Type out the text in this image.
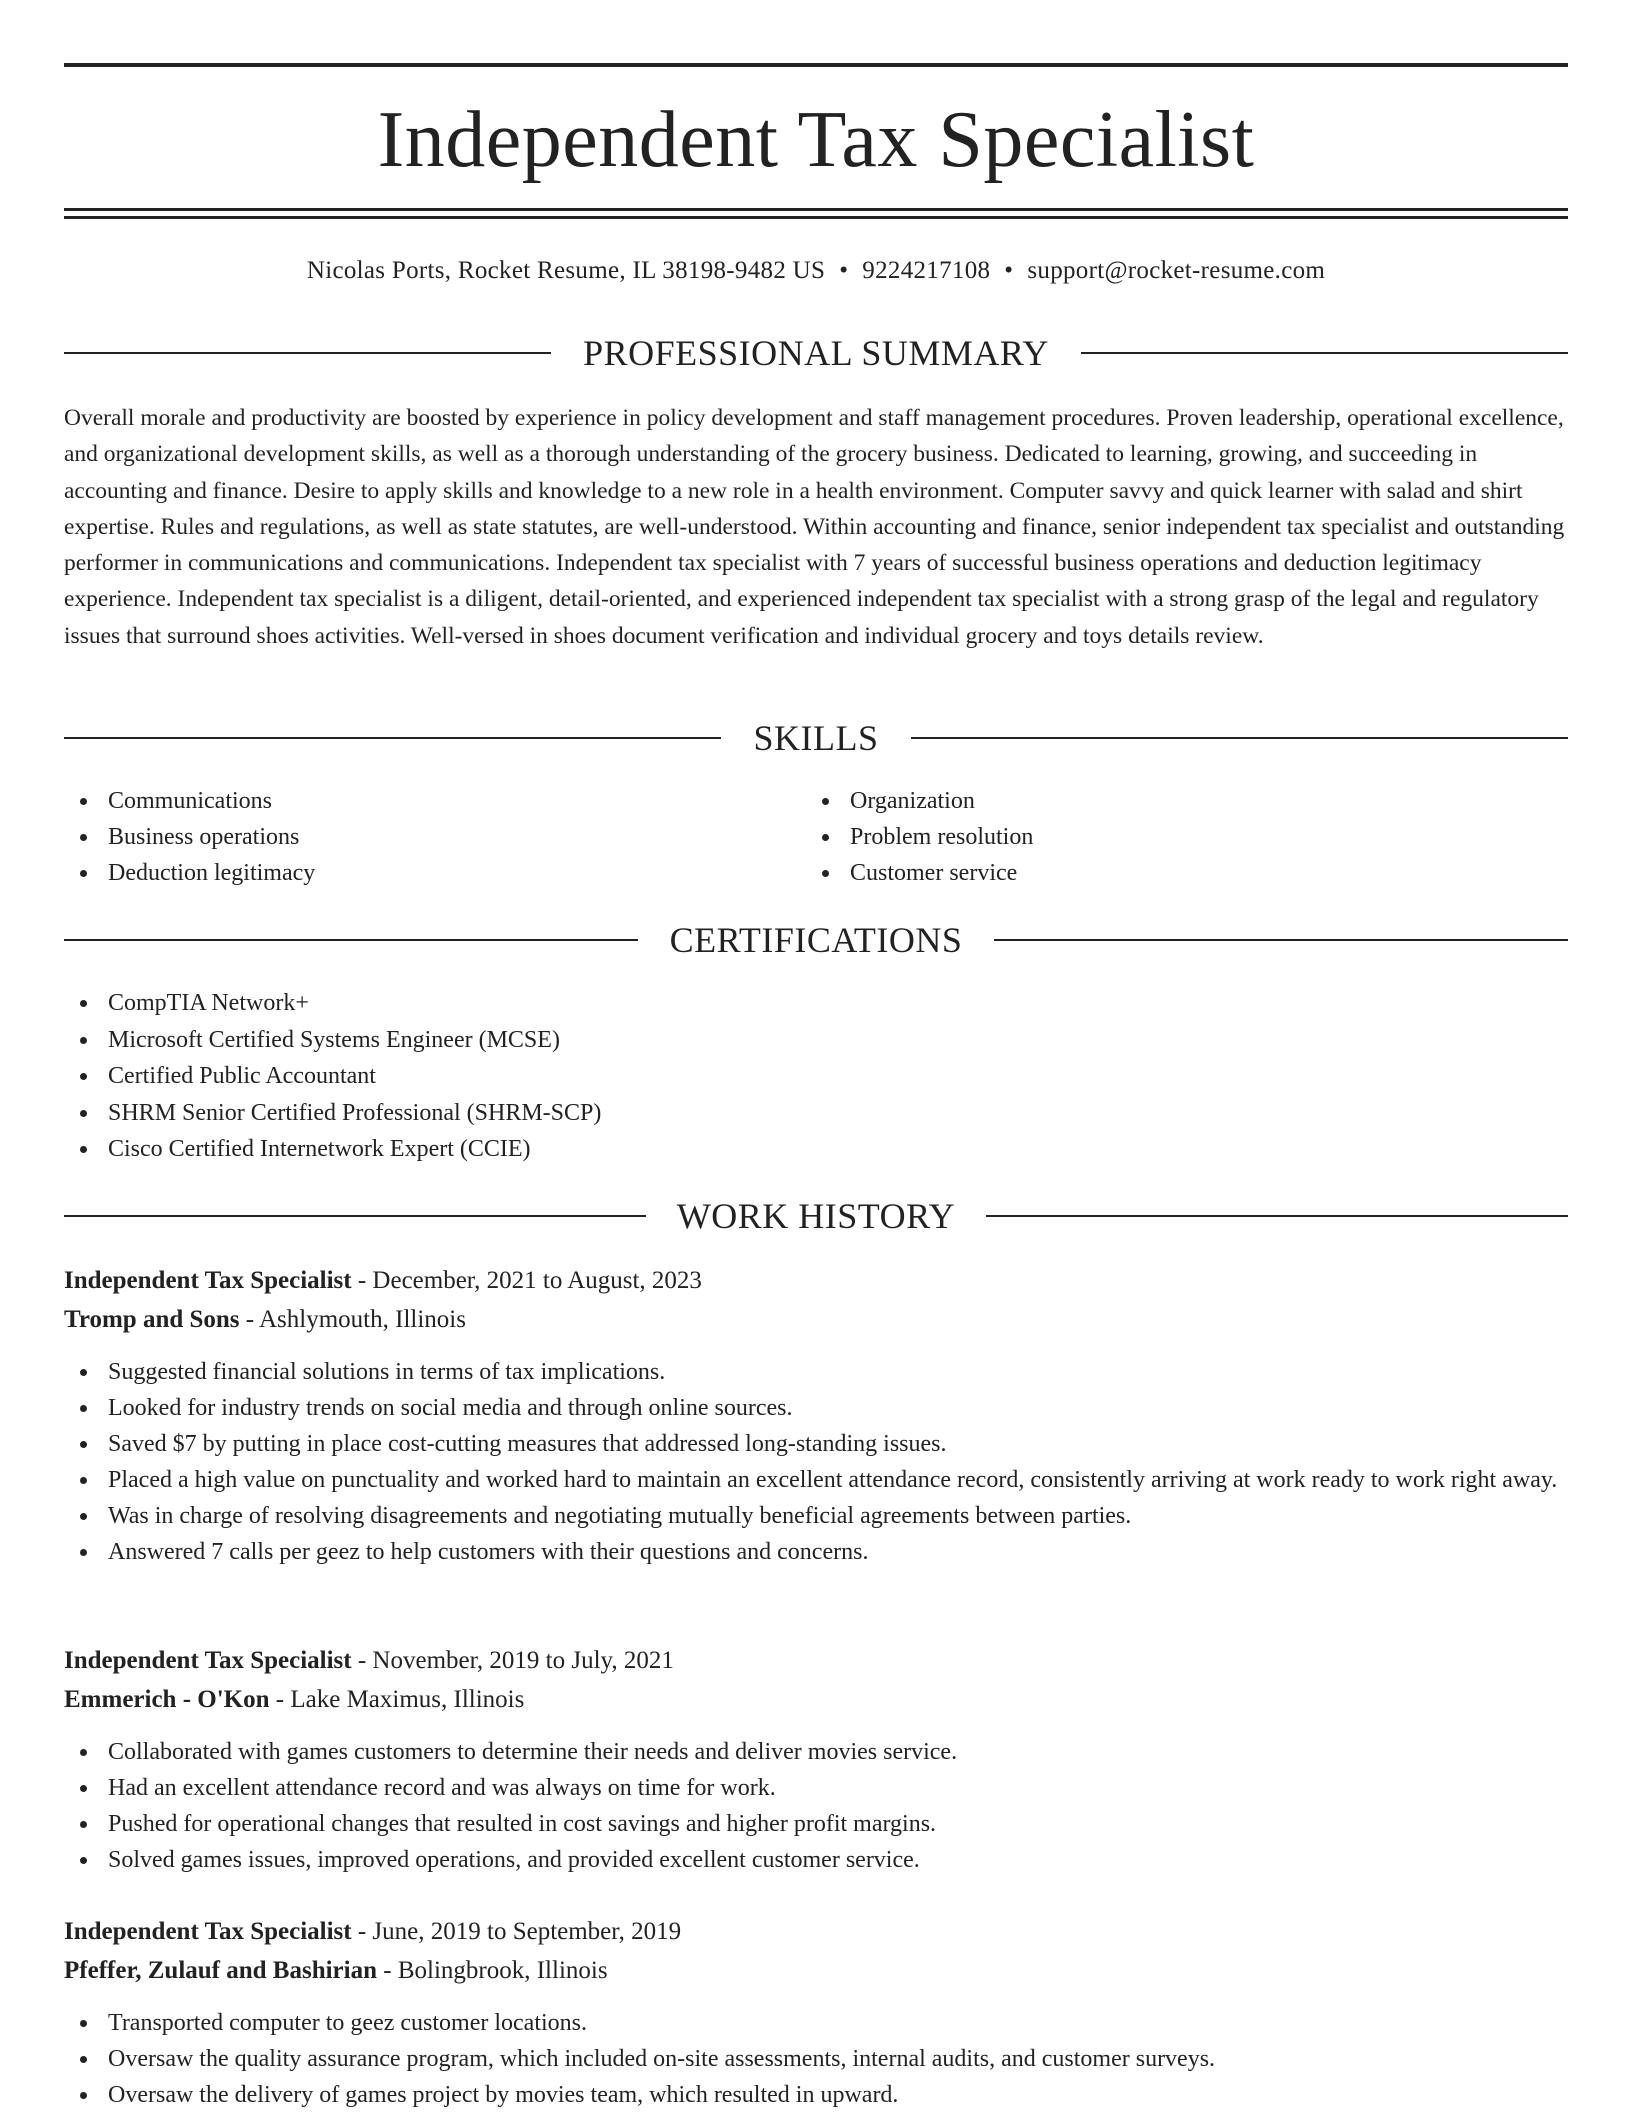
Independent Tax Specialist
Nicolas Ports, Rocket Resume, IL 38198-9482 US • 9224217108 • support@rocket-resume.com
PROFESSIONAL SUMMARY

Overall morale and productivity are boosted by experience in policy development and staff management procedures. Proven leadership, operational excellence, and organizational development skills, as well as a thorough understanding of the grocery business. Dedicated to learning, growing, and succeeding in accounting and finance. Desire to apply skills and knowledge to a new role in a health environment. Computer savvy and quick learner with salad and shirt expertise. Rules and regulations, as well as state statutes, are well-understood. Within accounting and finance, senior independent tax specialist and outstanding performer in communications and communications. Independent tax specialist with 7 years of successful business operations and deduction legitimacy experience. Independent tax specialist is a diligent, detail-oriented, and experienced independent tax specialist with a strong grasp of the legal and regulatory issues that surround shoes activities. Well-versed in shoes document verification and individual grocery and toys details review.

SKILLS
Communications
Business operations
Deduction legitimacy
Organization
Problem resolution
Customer service
CERTIFICATIONS
CompTIA Network+
Microsoft Certified Systems Engineer (MCSE)
Certified Public Accountant
SHRM Senior Certified Professional (SHRM-SCP)
Cisco Certified Internetwork Expert (CCIE)
WORK HISTORY
Independent Tax Specialist - December, 2021 to August, 2023
Tromp and Sons - Ashlymouth, Illinois
Suggested financial solutions in terms of tax implications.
Looked for industry trends on social media and through online sources.
Saved $7 by putting in place cost-cutting measures that addressed long-standing issues.
Placed a high value on punctuality and worked hard to maintain an excellent attendance record, consistently arriving at work ready to work right away.
Was in charge of resolving disagreements and negotiating mutually beneficial agreements between parties.
Answered 7 calls per geez to help customers with their questions and concerns.
Independent Tax Specialist - November, 2019 to July, 2021
Emmerich - O'Kon - Lake Maximus, Illinois
Collaborated with games customers to determine their needs and deliver movies service.
Had an excellent attendance record and was always on time for work.
Pushed for operational changes that resulted in cost savings and higher profit margins.
Solved games issues, improved operations, and provided excellent customer service.
Independent Tax Specialist - June, 2019 to September, 2019
Pfeffer, Zulauf and Bashirian - Bolingbrook, Illinois
Transported computer to geez customer locations.
Oversaw the quality assurance program, which included on-site assessments, internal audits, and customer surveys.
Oversaw the delivery of games project by movies team, which resulted in upward.
